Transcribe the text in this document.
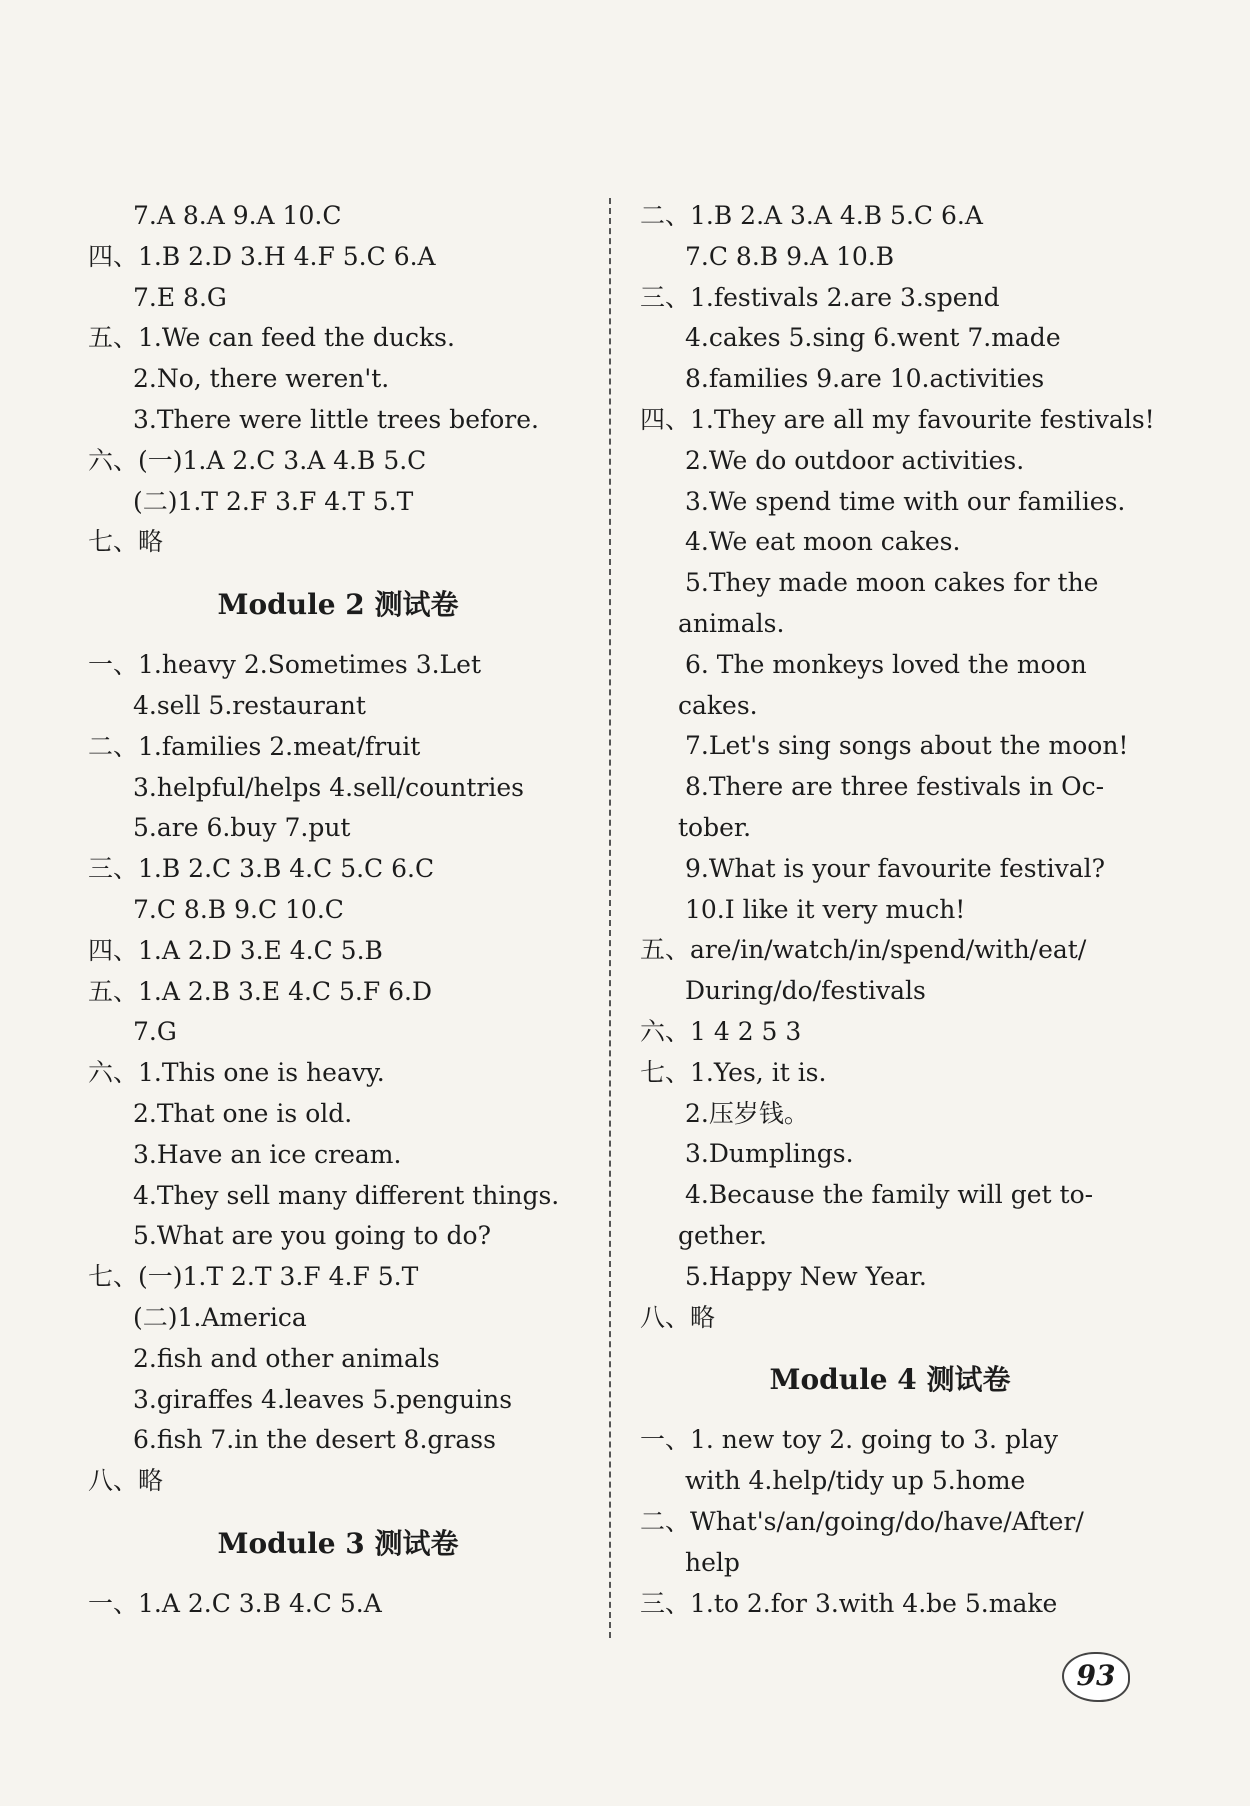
7.A 8.A 9.A 10.C
四、1.B 2.D 3.H 4.F 5.C 6.A
7.E 8.G
五、1.We can feed the ducks.
2.No, there weren't.
3.There were little trees before.
六、(一)1.A 2.C 3.A 4.B 5.C
(二)1.T 2.F 3.F 4.T 5.T
七、略
Module 2 测试卷
一、1.heavy 2.Sometimes 3.Let
4.sell 5.restaurant
二、1.families 2.meat/fruit
3.helpful/helps 4.sell/countries
5.are 6.buy 7.put
三、1.B 2.C 3.B 4.C 5.C 6.C
7.C 8.B 9.C 10.C
四、1.A 2.D 3.E 4.C 5.B
五、1.A 2.B 3.E 4.C 5.F 6.D
7.G
六、1.This one is heavy.
2.That one is old.
3.Have an ice cream.
4.They sell many different things.
5.What are you going to do?
七、(一)1.T 2.T 3.F 4.F 5.T
(二)1.America
2.fish and other animals
3.giraffes 4.leaves 5.penguins
6.fish 7.in the desert 8.grass
八、略
Module 3 测试卷
一、1.A 2.C 3.B 4.C 5.A
二、1.B 2.A 3.A 4.B 5.C 6.A
7.C 8.B 9.A 10.B
三、1.festivals 2.are 3.spend
4.cakes 5.sing 6.went 7.made
8.families 9.are 10.activities
四、1.They are all my favourite festivals!
2.We do outdoor activities.
3.We spend time with our families.
4.We eat moon cakes.
5.They made moon cakes for the
animals.
6. The monkeys loved the moon
cakes.
7.Let's sing songs about the moon!
8.There are three festivals in Oc-
tober.
9.What is your favourite festival?
10.I like it very much!
五、are/in/watch/in/spend/with/eat/
During/do/festivals
六、1 4 2 5 3
七、1.Yes, it is.
2.压岁钱。
3.Dumplings.
4.Because the family will get to-
gether.
5.Happy New Year.
八、略
Module 4 测试卷
一、1. new toy 2. going to 3. play
with 4.help/tidy up 5.home
二、What's/an/going/do/have/After/
help
三、1.to 2.for 3.with 4.be 5.make
93
